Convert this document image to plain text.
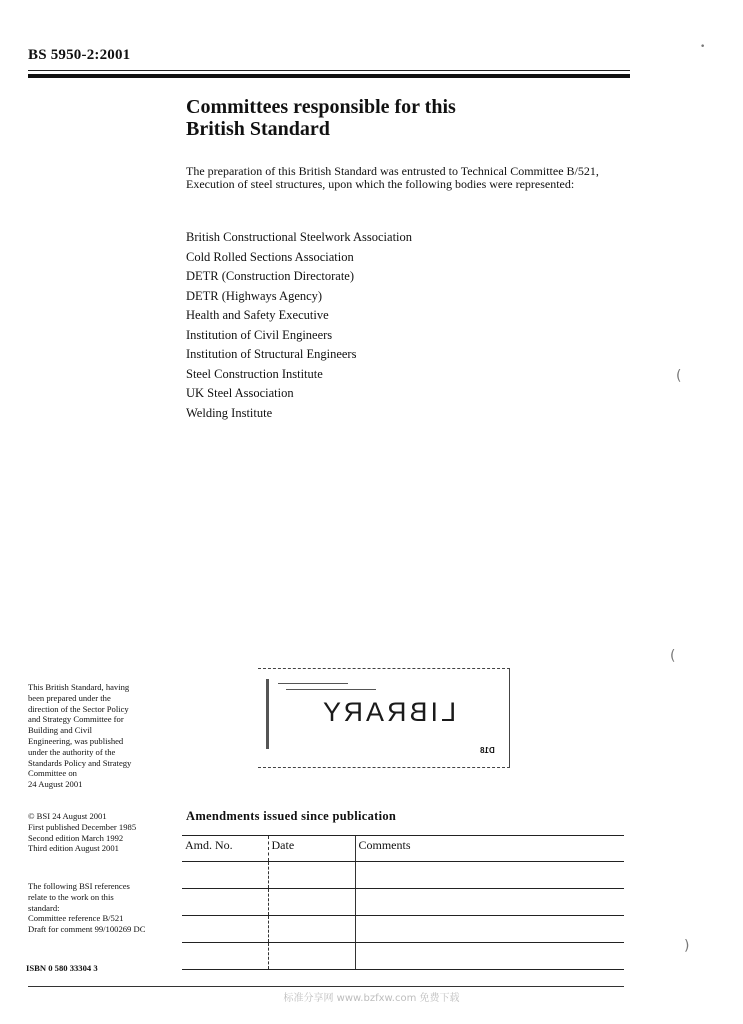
BS 5950-2:2001
Committees responsible for this
British Standard

The preparation of this British Standard was entrusted to Technical Committee B/521, Execution of steel structures, upon which the following bodies were represented:

British Constructional Steelwork Association
Cold Rolled Sections Association
DETR (Construction Directorate)
DETR (Highways Agency)
Health and Safety Executive
Institution of Civil Engineers
Institution of Structural Engineers
Steel Construction Institute
UK Steel Association
Welding Institute
This British Standard, having
been prepared under the
direction of the Sector Policy
and Strategy Committee for
Building and Civil
Engineering, was published
under the authority of the
Standards Policy and Strategy
Committee on
24 August 2001
© BSI 24 August 2001
First published December 1985
Second edition March 1992
Third edition August 2001
The following BSI references
relate to the work on this
standard:
Committee reference B/521
Draft for comment 99/100269 DC
ISBN 0 580 33304 3
LIBRARY
D18
Amendments issued since publication
Amd. No.	Date	Comments

标准分享网 www.bzfxw.com 免费下载
(
(
)
•
